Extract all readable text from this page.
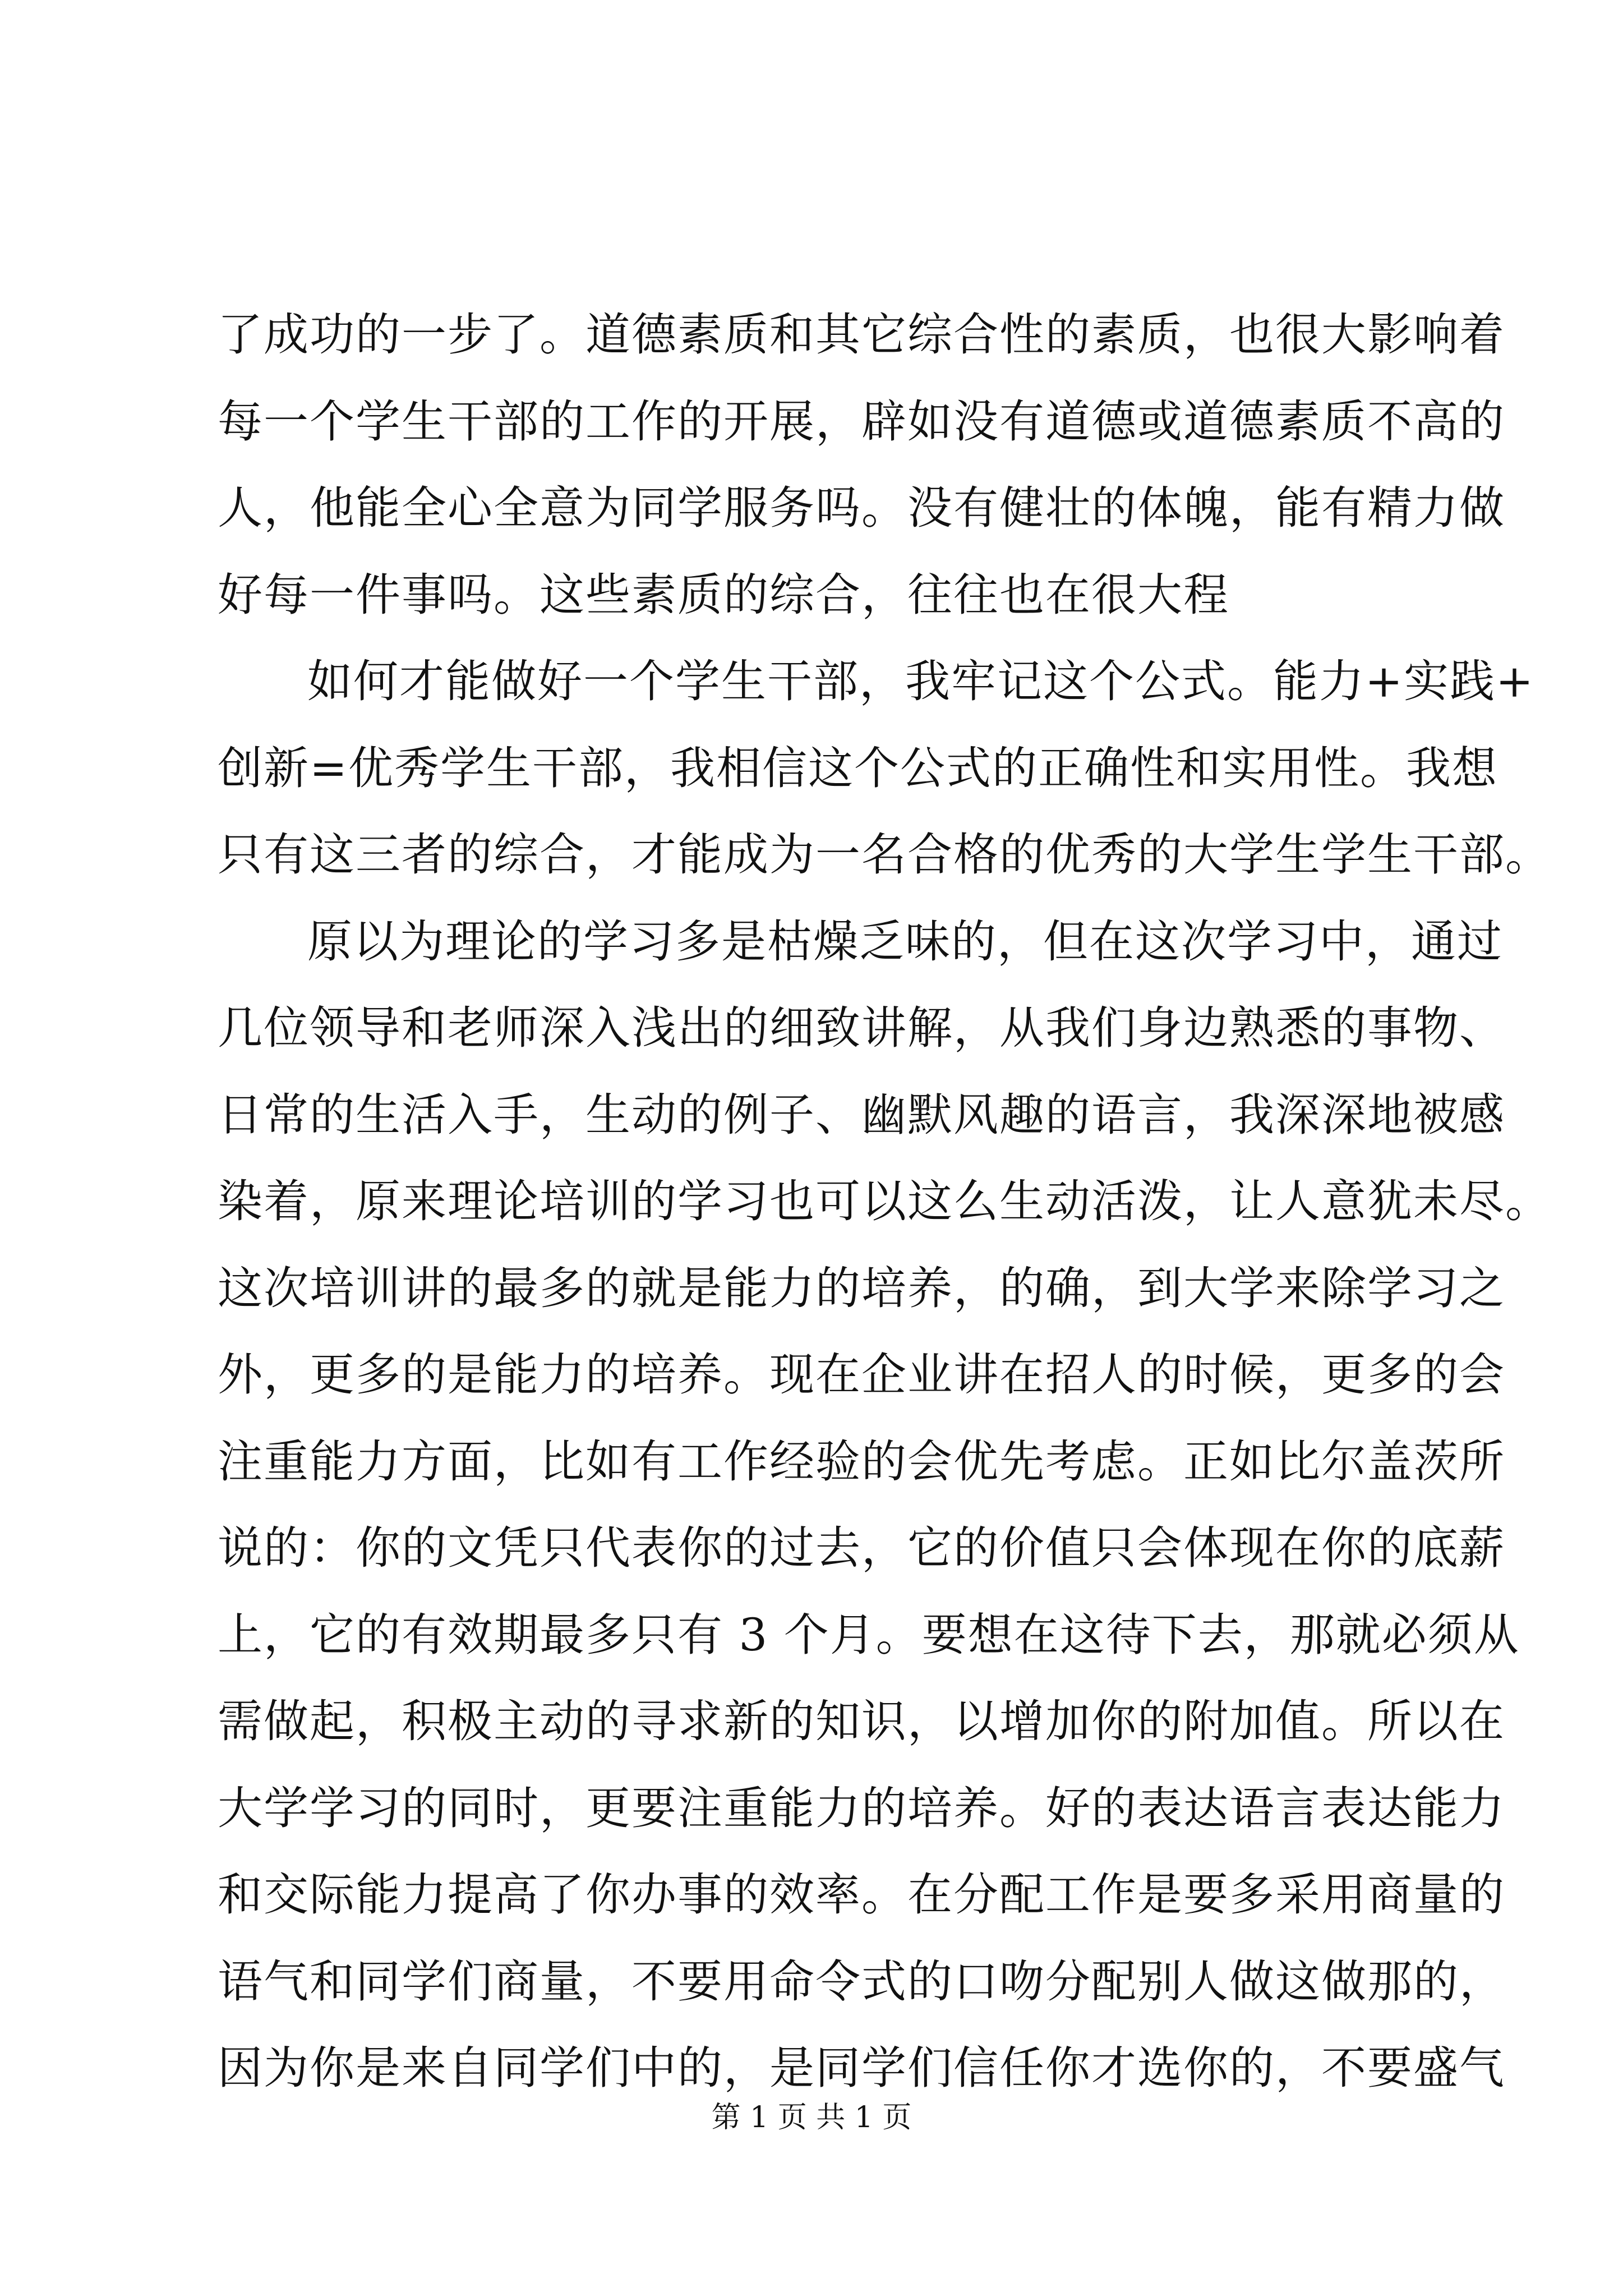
了成功的一步了。道德素质和其它综合性的素质，也很大影响着
每一个学生干部的工作的开展，辟如没有道德或道德素质不高的
人，他能全心全意为同学服务吗。没有健壮的体魄，能有精力做
好每一件事吗。这些素质的综合，往往也在很大程
如何才能做好一个学生干部，我牢记这个公式。能力+实践+
创新=优秀学生干部，我相信这个公式的正确性和实用性。我想
只有这三者的综合，才能成为一名合格的优秀的大学生学生干部。
原以为理论的学习多是枯燥乏味的，但在这次学习中，通过
几位领导和老师深入浅出的细致讲解，从我们身边熟悉的事物、
日常的生活入手，生动的例子、幽默风趣的语言，我深深地被感
染着，原来理论培训的学习也可以这么生动活泼，让人意犹未尽。
这次培训讲的最多的就是能力的培养，的确，到大学来除学习之
外，更多的是能力的培养。现在企业讲在招人的时候，更多的会
注重能力方面，比如有工作经验的会优先考虑。正如比尔盖茨所
说的：你的文凭只代表你的过去，它的价值只会体现在你的底薪
上，它的有效期最多只有 3 个月。要想在这待下去，那就必须从
需做起，积极主动的寻求新的知识，以增加你的附加值。所以在
大学学习的同时，更要注重能力的培养。好的表达语言表达能力
和交际能力提高了你办事的效率。在分配工作是要多采用商量的
语气和同学们商量，不要用命令式的口吻分配别人做这做那的，
因为你是来自同学们中的，是同学们信任你才选你的，不要盛气
第 1 页 共 1 页
